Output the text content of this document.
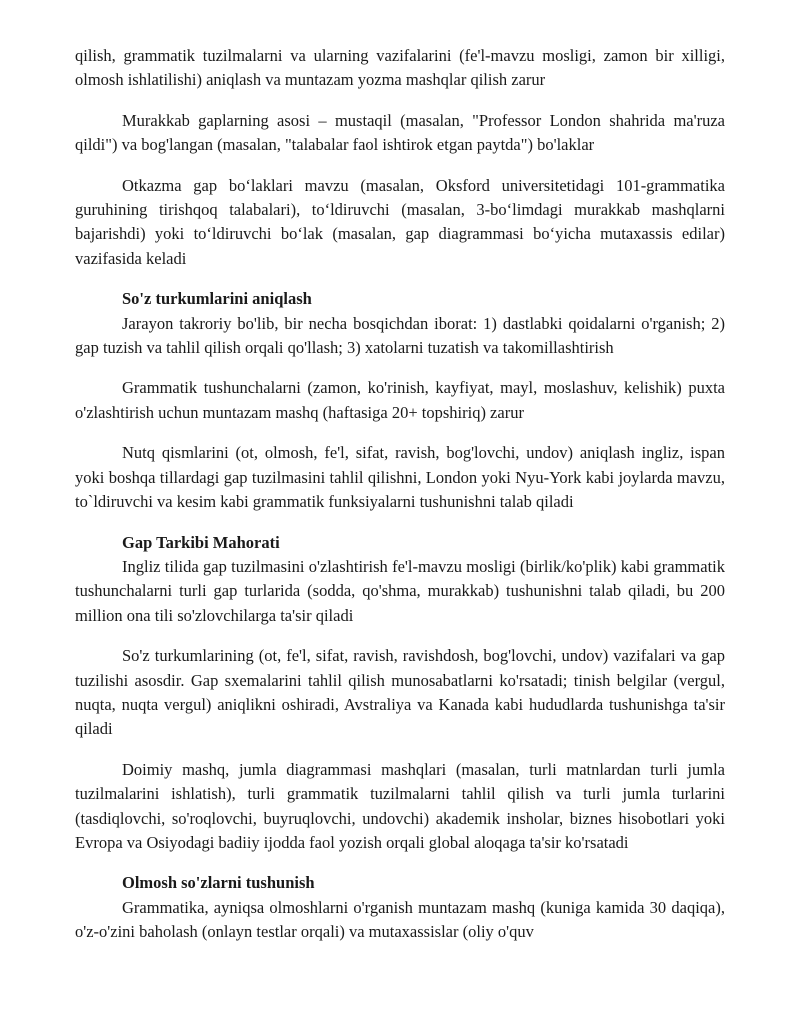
qilish, grammatik tuzilmalarni va ularning vazifalarini (fe'l-mavzu mosligi, zamon bir xilligi, olmosh ishlatilishi) aniqlash va muntazam yozma mashqlar qilish zarur

Murakkab gaplarning asosi – mustaqil (masalan, "Professor London shahrida ma'ruza qildi") va bog'langan (masalan, "talabalar faol ishtirok etgan paytda") bo'laklar

Otkazma gap bo‘laklari mavzu (masalan, Oksford universitetidagi 101-grammatika guruhining tirishqoq talabalari), to‘ldiruvchi (masalan, 3-bo‘limdagi murakkab mashqlarni bajarishdi) yoki to‘ldiruvchi bo‘lak (masalan, gap diagrammasi bo‘yicha mutaxassis edilar) vazifasida keladi

So'z turkumlarini aniqlash

Jarayon takroriy bo'lib, bir necha bosqichdan iborat: 1) dastlabki qoidalarni o'rganish; 2) gap tuzish va tahlil qilish orqali qo'llash; 3) xatolarni tuzatish va takomillashtirish

Grammatik tushunchalarni (zamon, ko'rinish, kayfiyat, mayl, moslashuv, kelishik) puxta o'zlashtirish uchun muntazam mashq (haftasiga 20+ topshiriq) zarur

Nutq qismlarini (ot, olmosh, fe'l, sifat, ravish, bog'lovchi, undov) aniqlash ingliz, ispan yoki boshqa tillardagi gap tuzilmasini tahlil qilishni, London yoki Nyu-York kabi joylarda mavzu, to`ldiruvchi va kesim kabi grammatik funksiyalarni tushunishni talab qiladi

Gap Tarkibi Mahorati

Ingliz tilida gap tuzilmasini o'zlashtirish fe'l-mavzu mosligi (birlik/ko'plik) kabi grammatik tushunchalarni turli gap turlarida (sodda, qo'shma, murakkab) tushunishni talab qiladi, bu 200 million ona tili so'zlovchilarga ta'sir qiladi

So'z turkumlarining (ot, fe'l, sifat, ravish, ravishdosh, bog'lovchi, undov) vazifalari va gap tuzilishi asosdir. Gap sxemalarini tahlil qilish munosabatlarni ko'rsatadi; tinish belgilar (vergul, nuqta, nuqta vergul) aniqlikni oshiradi, Avstraliya va Kanada kabi hududlarda tushunishga ta'sir qiladi

Doimiy mashq, jumla diagrammasi mashqlari (masalan, turli matnlardan turli jumla tuzilmalarini ishlatish), turli grammatik tuzilmalarni tahlil qilish va turli jumla turlarini (tasdiqlovchi, so'roqlovchi, buyruqlovchi, undovchi) akademik insholar, biznes hisobotlari yoki Evropa va Osiyodagi badiiy ijodda faol yozish orqali global aloqaga ta'sir ko'rsatadi

Olmosh so'zlarni tushunish

Grammatika, ayniqsa olmoshlarni o'rganish muntazam mashq (kuniga kamida 30 daqiqa), o'z-o'zini baholash (onlayn testlar orqali) va mutaxassislar (oliy o'quv
